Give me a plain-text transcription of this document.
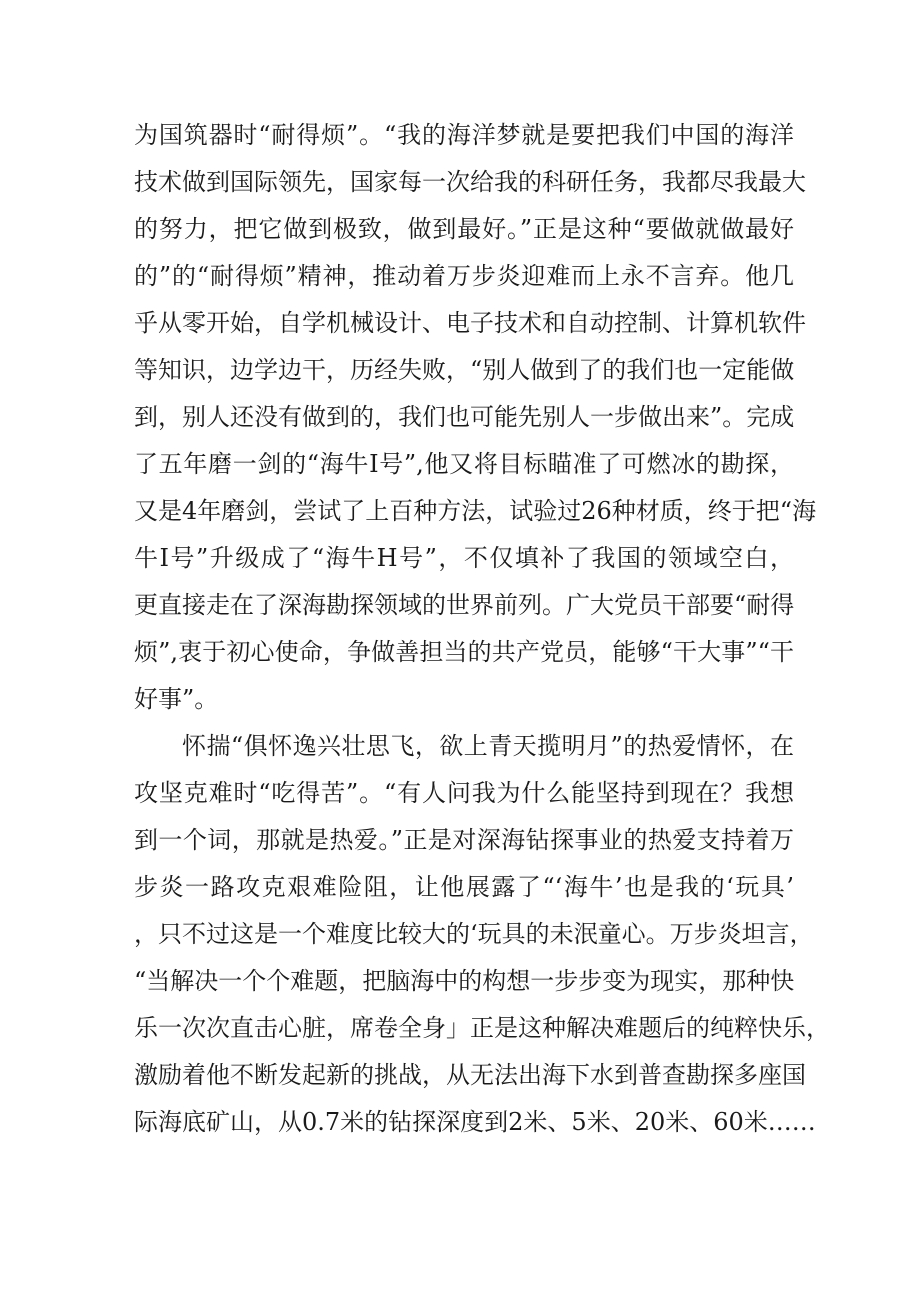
为国筑器时“耐得烦”。“我的海洋梦就是要把我们中国的海洋
技术做到国际领先，国家每一次给我的科研任务，我都尽我最大
的努力，把它做到极致，做到最好。”正是这种“要做就做最好
的”的“耐得烦”精神，推动着万步炎迎难而上永不言弃。他几
乎从零开始，自学机械设计、电子技术和自动控制、计算机软件
等知识，边学边干，历经失败，“别人做到了的我们也一定能做
到，别人还没有做到的，我们也可能先别人一步做出来”。完成
了五年磨一剑的“海牛I号”,他又将目标瞄准了可燃冰的勘探，
又是4年磨剑，尝试了上百种方法，试验过26种材质，终于把“海
牛I号”升级成了“海牛H号”，不仅填补了我国的领域空白，
更直接走在了深海勘探领域的世界前列。广大党员干部要“耐得
烦”,衷于初心使命，争做善担当的共产党员，能够“干大事”“干
好事”。
怀揣“俱怀逸兴壮思飞，欲上青天揽明月”的热爱情怀，在
攻坚克难时“吃得苦”。“有人问我为什么能坚持到现在？我想
到一个词，那就是热爱。”正是对深海钻探事业的热爱支持着万
步炎一路攻克艰难险阻，让他展露了“‘海牛’也是我的‘玩具’
，只不过这是一个难度比较大的‘玩具的未泯童心。万步炎坦言，
“当解决一个个难题，把脑海中的构想一步步变为现实，那种快
乐一次次直击心脏，席卷全身」正是这种解决难题后的纯粹快乐，
激励着他不断发起新的挑战，从无法出海下水到普查勘探多座国
际海底矿山，从0.7米的钻探深度到2米、5米、20米、60米……
